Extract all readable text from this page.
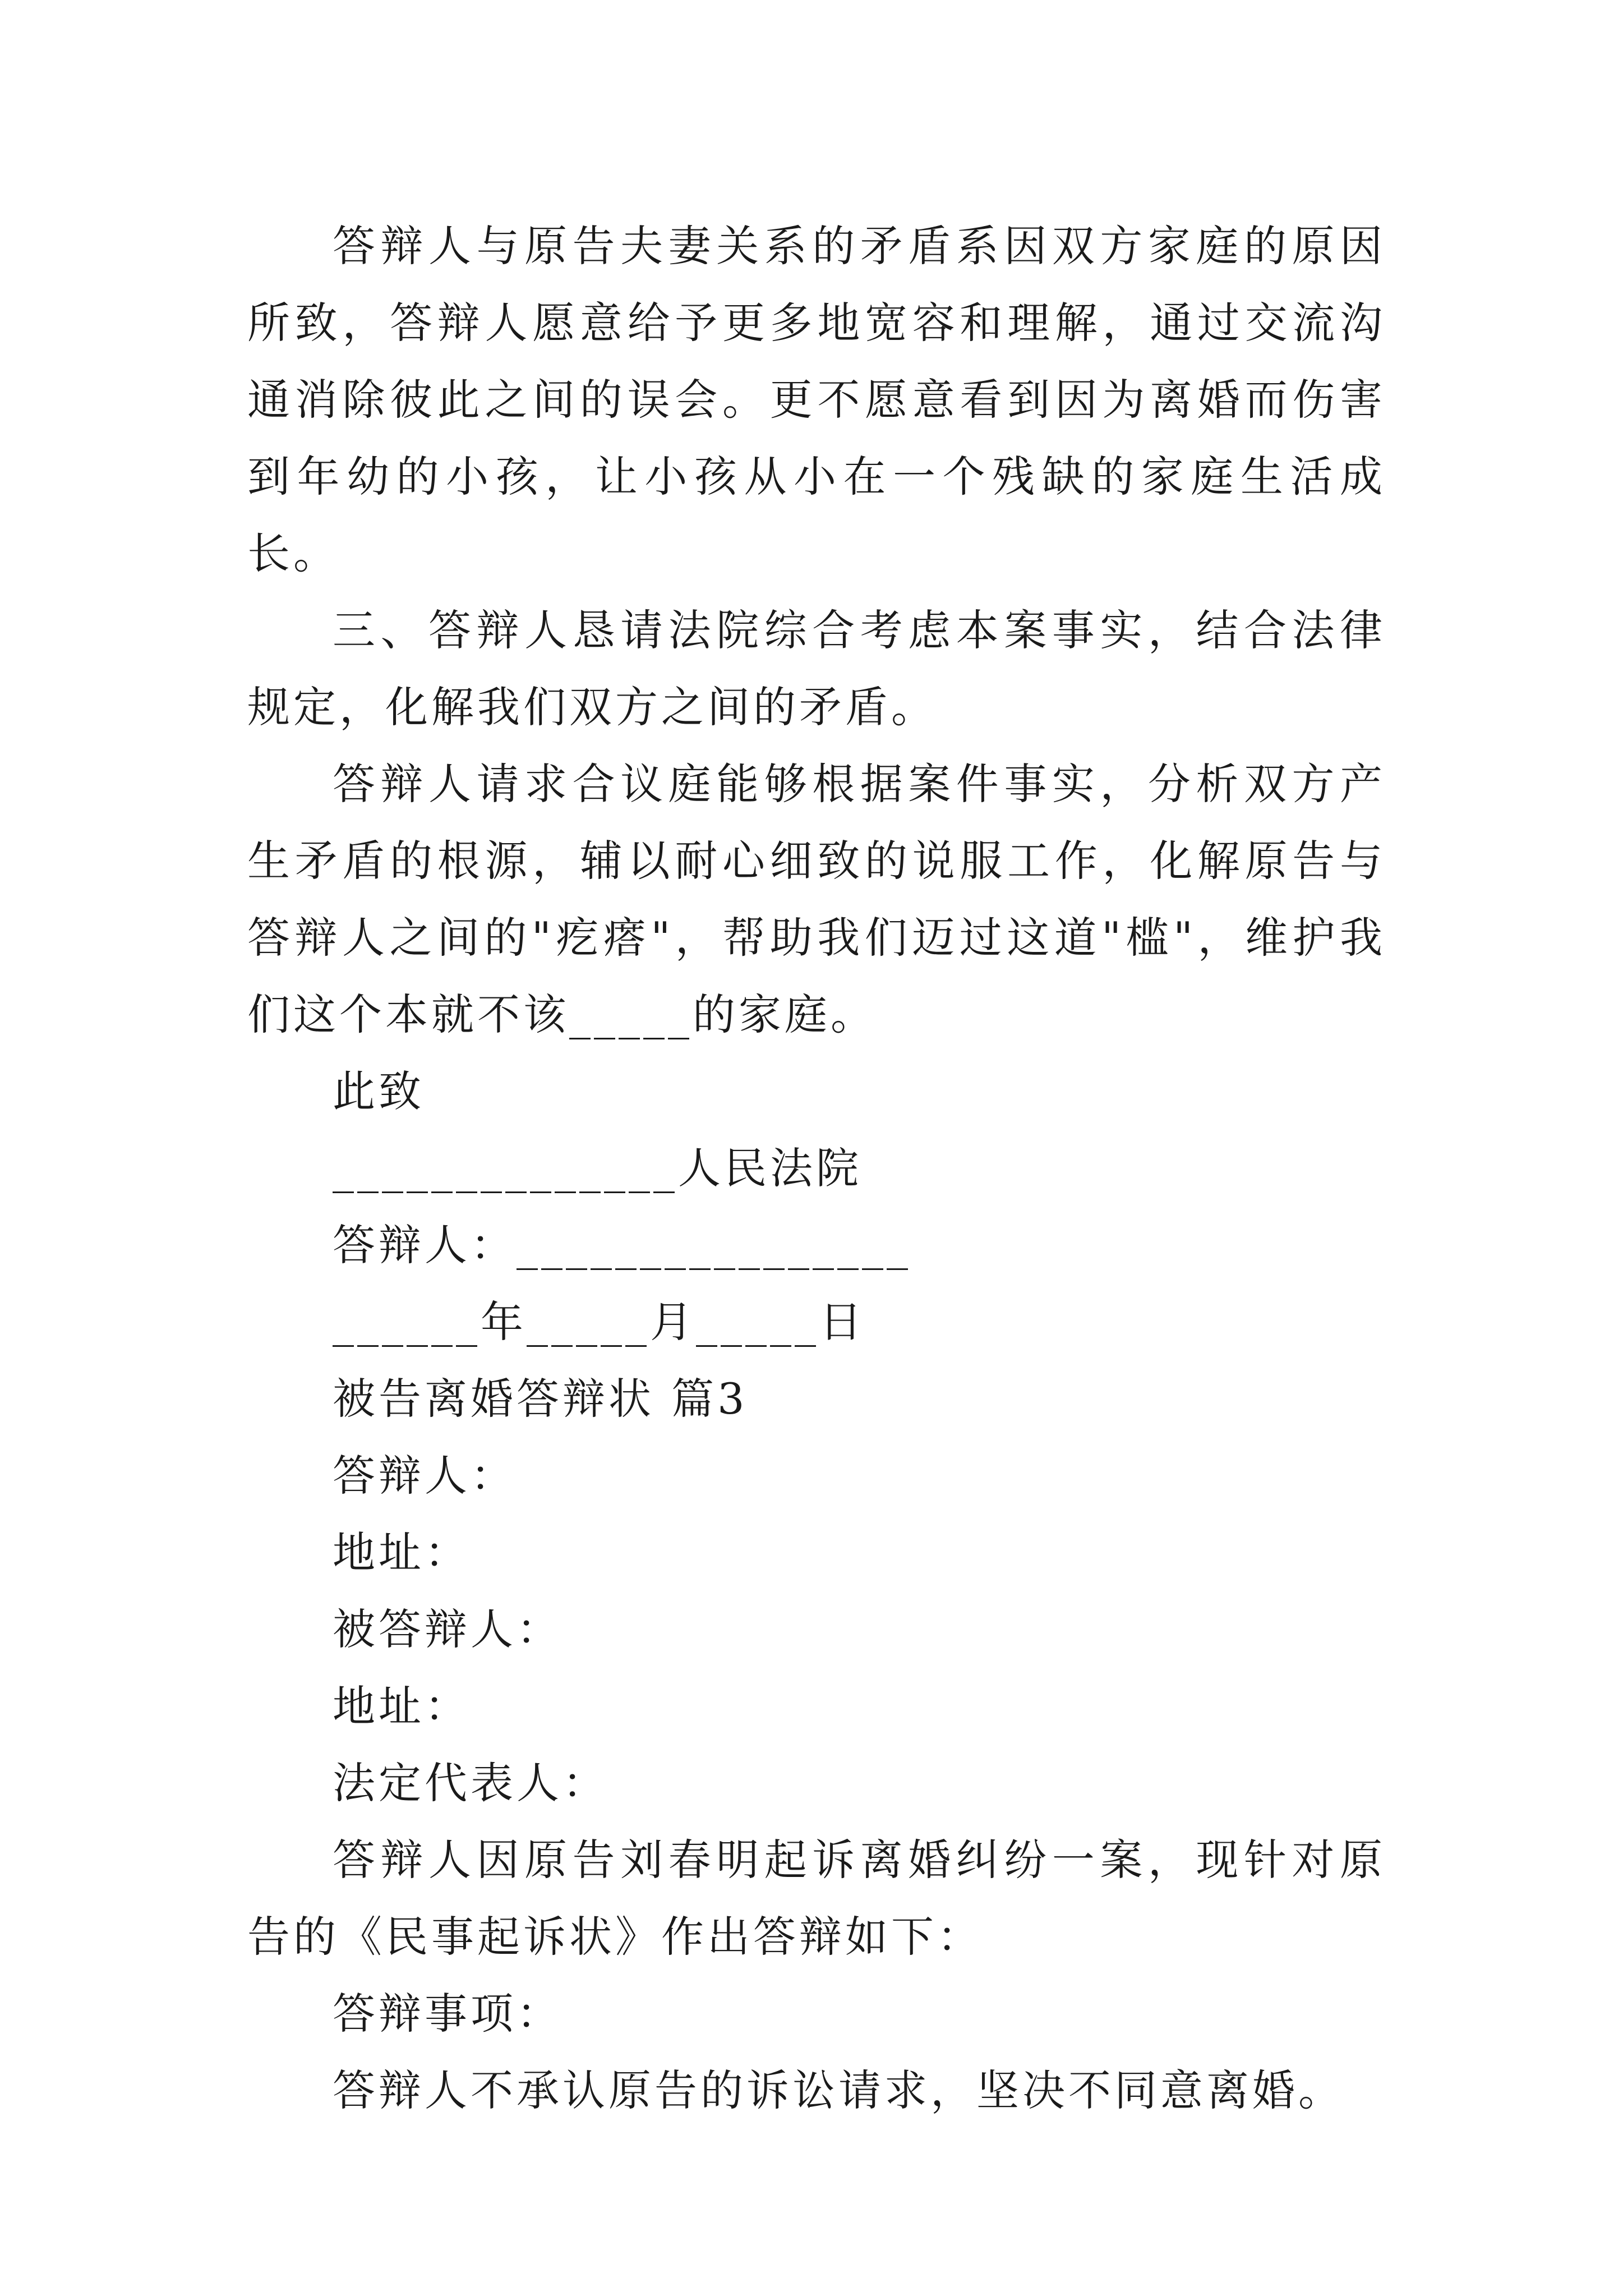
答辩人与原告夫妻关系的矛盾系因双方家庭的原因所致，答辩人愿意给予更多地宽容和理解，通过交流沟通消除彼此之间的误会。更不愿意看到因为离婚而伤害到年幼的小孩，让小孩从小在一个残缺的家庭生活成长。

三、答辩人恳请法院综合考虑本案事实，结合法律规定，化解我们双方之间的矛盾。

答辩人请求合议庭能够根据案件事实，分析双方产生矛盾的根源，辅以耐心细致的说服工作，化解原告与答辩人之间的"疙瘩"，帮助我们迈过这道"槛"，维护我们这个本就不该_____的家庭。

此致

______________人民法院

答辩人：________________

______年_____月_____日

被告离婚答辩状 篇3

答辩人：

地址：

被答辩人：

地址：

法定代表人：

答辩人因原告刘春明起诉离婚纠纷一案，现针对原告的《民事起诉状》作出答辩如下：

答辩事项：

答辩人不承认原告的诉讼请求，坚决不同意离婚。
